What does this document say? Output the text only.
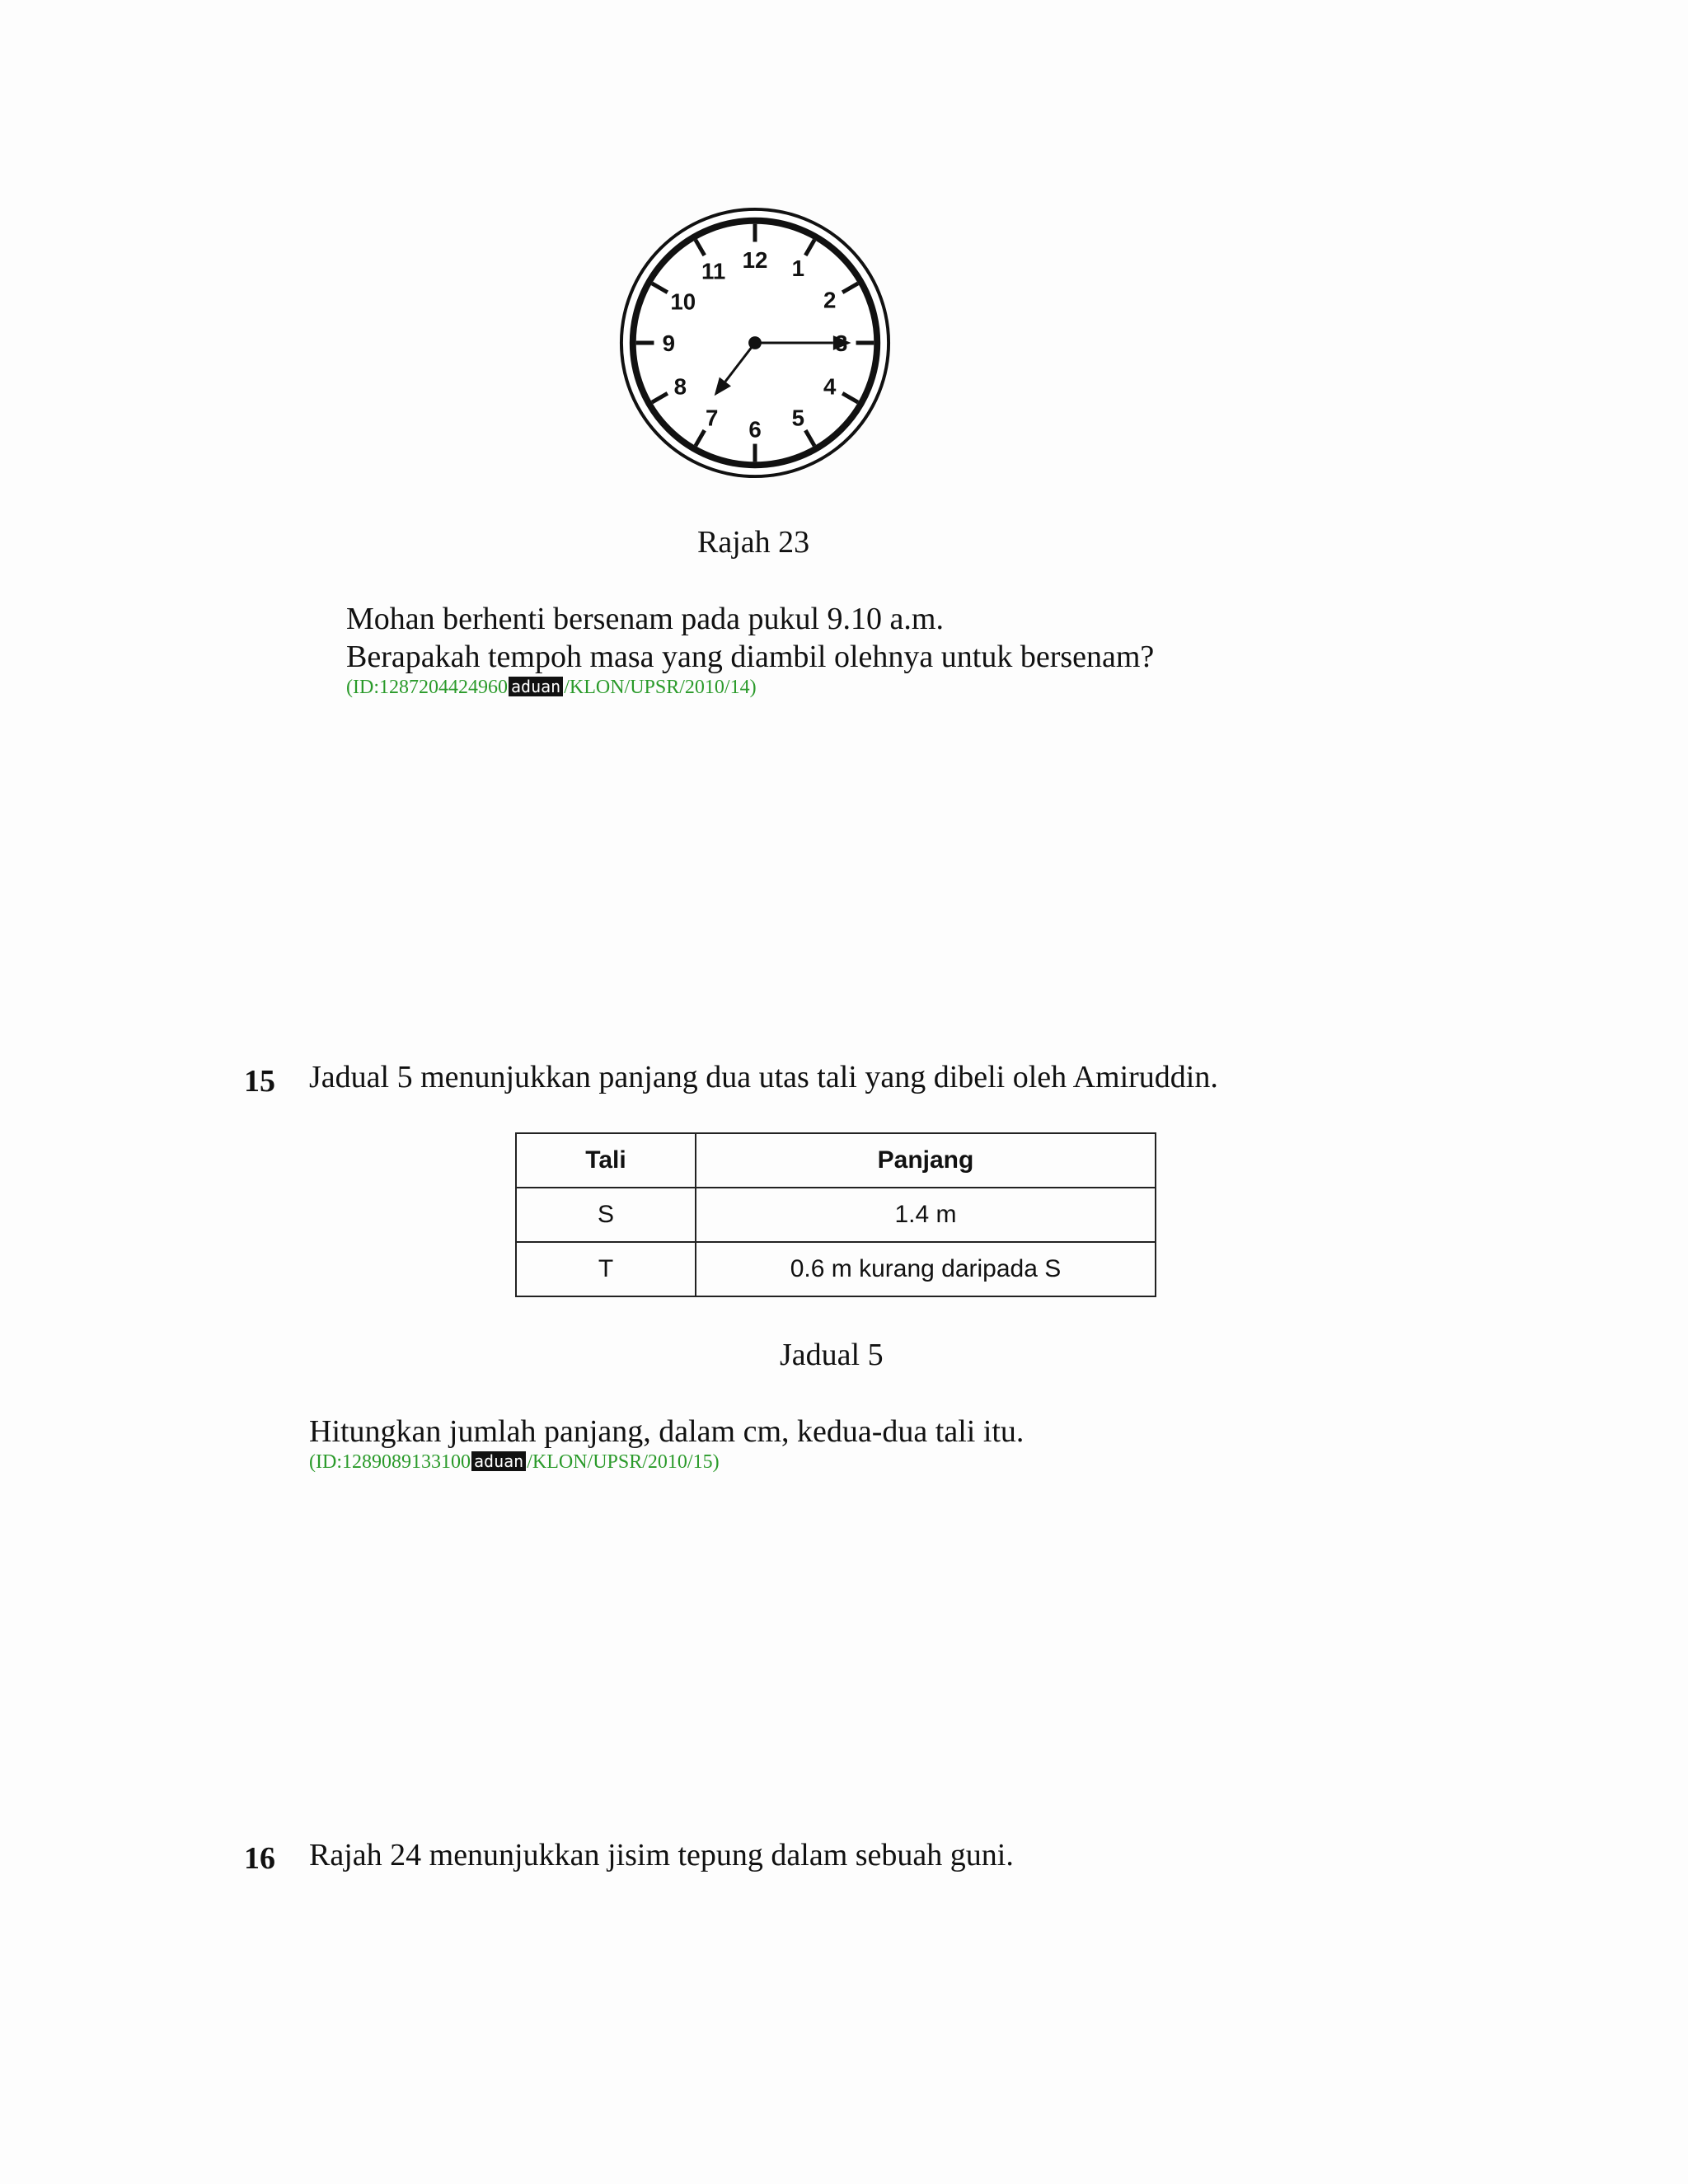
12 1
2
4
5
6
7
8
9
10
11
Rajah 23
Mohan berhenti bersenam pada pukul 9.10 a.m.
Berapakah tempoh masa yang diambil olehnya untuk bersenam?
(ID:1287204424960 aduan /KLON/UPSR/2010/14)
15 Jadual 5 menunjukkan panjang dua utas tali yang dibeli oleh Amiruddin.
Tali	Panjang
S	1.4 m
T	0.6 m kurang daripada S
Jadual 5
Hitungkan jumlah panjang, dalam cm, kedua-dua tali itu.
(ID:1289089133100 aduan /KLON/UPSR/2010/15)
16 Rajah 24 menunjukkan jisim tepung dalam sebuah guni.
